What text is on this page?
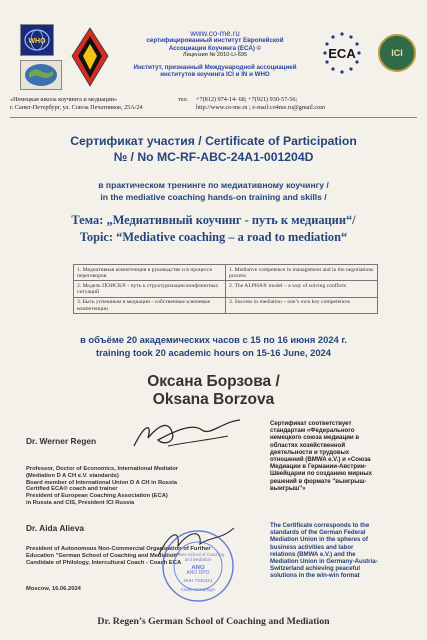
WHO
www.co-me.ru
сертифицированный институт Европейской
Ассоциации Коучинга (ECA) ©
Лицензия № 2010-LI-695
Институт, признанный Международной ассоциацией
институтов коучинга ICI и IN и WHO
ECA	ICI
«Немецкая школа коучинга и медиации»
г. Санкт-Петербург, ул. Союза Печатников, 25А/24
тел.	+7(812) 974-14- 68; +7(921) 930-57-56;
http://www.co-me.ru ; e-mail:co4me.ru@gmail.com
Сертификат участия / Certificate of Participation
№ / No MC-RF-ABC-24A1-001204D
в практическом тренинге по медиативному коучингу /
in the mediative coaching hands-on training and skills /
Тема: „Медиативный коучинг - путь к медиации“/
Topic: “Mediative coaching – a road to mediation“
1. Медиативная компетенция в руководстве и в процессе переговоров	1. Mediative competence in management and in the negotiations process
2. Модель ПОИСК® - путь к структуризации конфликтных ситуаций	2. The ALPHA® model – a way of solving conflicts
3. Быть успешным в медиации - собственные ключевые компетенции	3. Success in mediation – one’s own key competences
в объёме 20 академических часов с 15 по 16 июня 2024 г.
training took 20 academic hours on 15-16 June, 2024
Оксана Борзова /
Oksana Borzova
Dr. Werner Regen
Professor, Doctor of Economics, International Mediator
(Mediation D A CH e.V. standards)
Board member of International Union D A CH in Russia
Certified ECA® coach and trainer
President of European Coaching Association (ECA)
in Russia and CIS, President ICI Russia
Dr. Aida Alieva
President of Autonomous Non-Commercial Organization of Further
Education "German School of Coaching and Mediation"
Candidate of Philology, Intercultural Coach - Coach ECA
Moscow, 16.06.2024
ANO
German School of Coaching and Mediation
ANO DPO
ИНН 7840421
Санкт-Петербург
Сертификат соответствует
стандартам «Федерального
немецкого союза медиации в
областях хозяйственной
деятельности и трудовых
отношений (BMWA e.V.) и «Союза
Медиации в Германии-Австрии-
Швейцарии по созданию мирных
решений в формате "выигрыш-
выигрыш"»
The Certificate corresponds to the
standards of the German Federal
Mediation Union in the spheres of
business activities and labor
relations (BMWA e.V.) and the
Mediation Union in Germany-Austria-
Switzerland achieving peaceful
solutions in the win-win format
Dr. Regen’s German School of Coaching and Mediation
